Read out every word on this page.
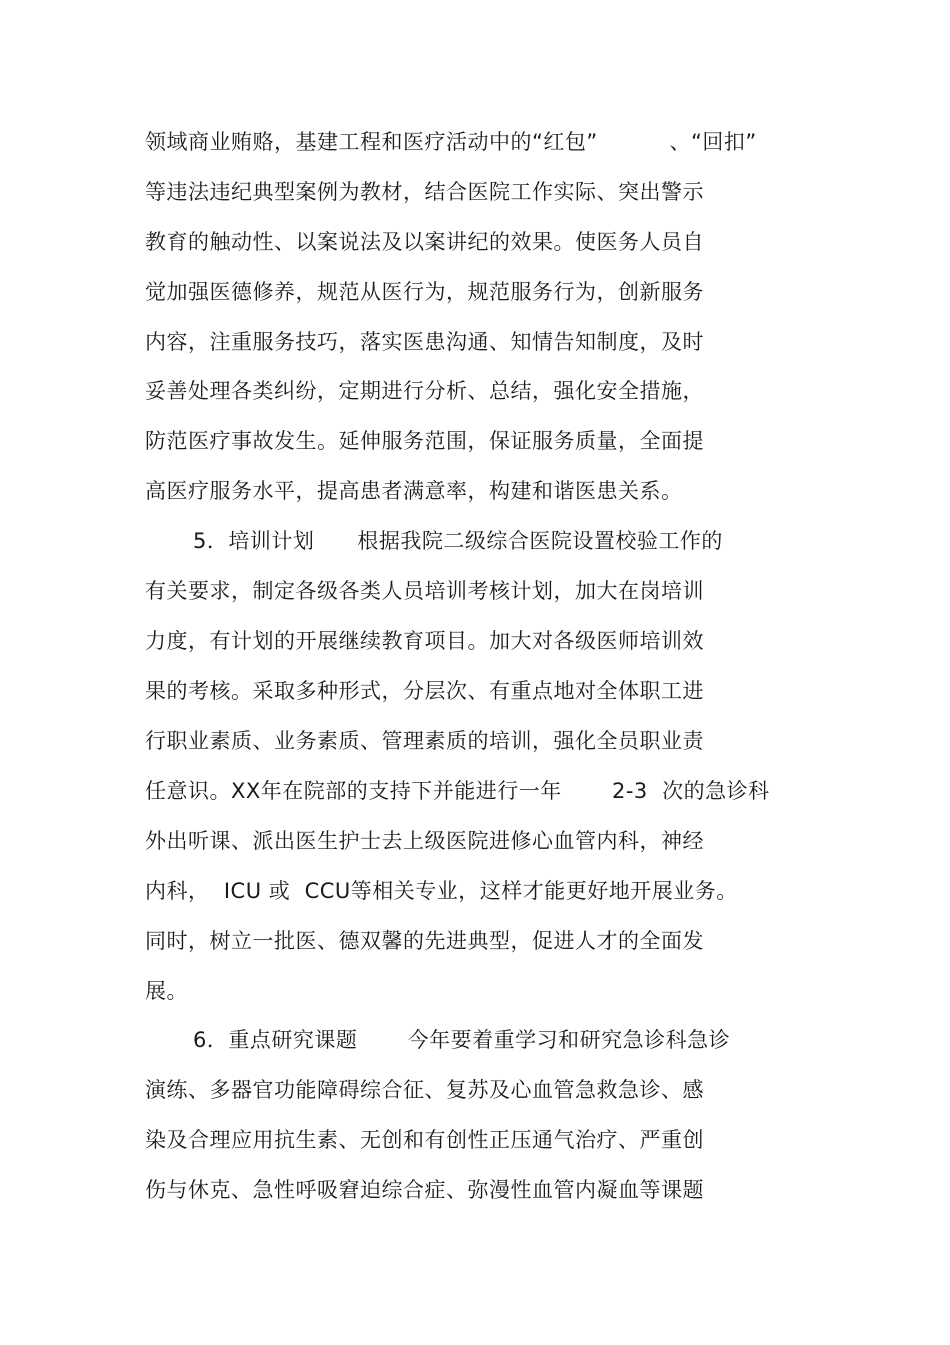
领域商业贿赂，基建工程和医疗活动中的“红包”          、“回扣”
等违法违纪典型案例为教材，结合医院工作实际、突出警示
教育的触动性、以案说法及以案讲纪的效果。使医务人员自
觉加强医德修养，规范从医行为，规范服务行为，创新服务
内容，注重服务技巧，落实医患沟通、知情告知制度，及时
妥善处理各类纠纷，定期进行分析、总结，强化安全措施，
防范医疗事故发生。延伸服务范围，保证服务质量，全面提
高医疗服务水平，提高患者满意率，构建和谐医患关系。
5．培训计划      根据我院二级综合医院设置校验工作的
有关要求，制定各级各类人员培训考核计划，加大在岗培训
力度，有计划的开展继续教育项目。加大对各级医师培训效
果的考核。采取多种形式，分层次、有重点地对全体职工进
行职业素质、业务素质、管理素质的培训，强化全员职业责
任意识。XX年在院部的支持下并能进行一年       2-3  次的急诊科
外出听课、派出医生护士去上级医院进修心血管内科，神经
内科，  ICU 或  CCU等相关专业，这样才能更好地开展业务。
同时，树立一批医、德双馨的先进典型，促进人才的全面发
展。
6．重点研究课题       今年要着重学习和研究急诊科急诊
演练、多器官功能障碍综合征、复苏及心血管急救急诊、感
染及合理应用抗生素、无创和有创性正压通气治疗、严重创
伤与休克、急性呼吸窘迫综合症、弥漫性血管内凝血等课题
